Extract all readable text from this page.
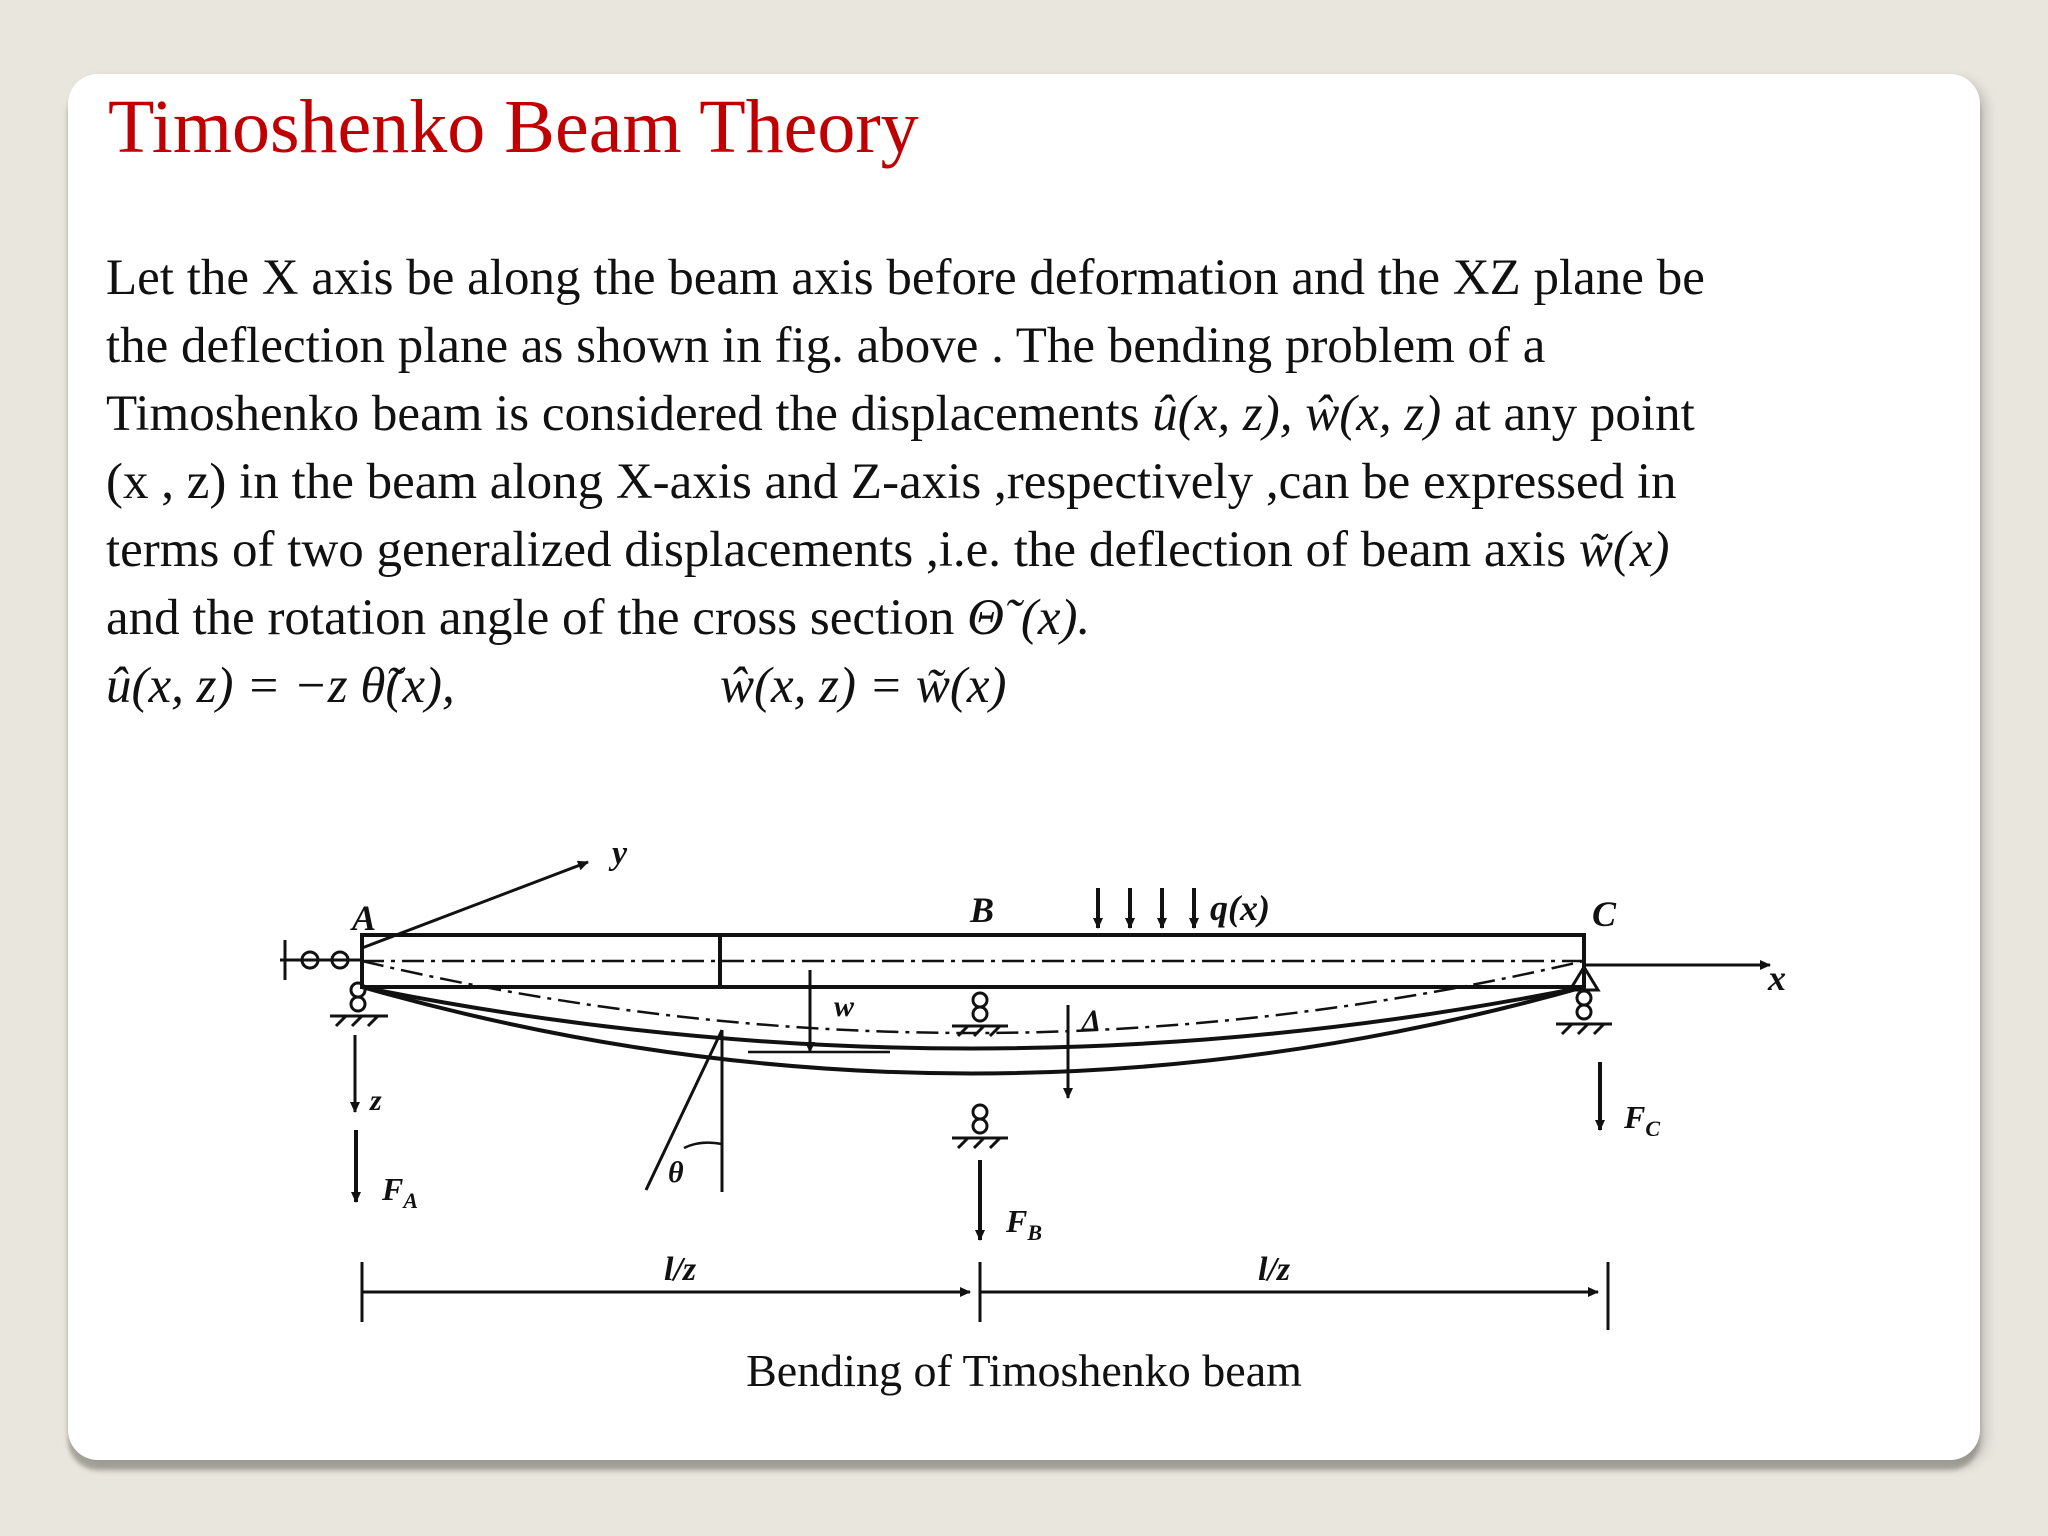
Timoshenko Beam Theory
Let the X axis be along the beam axis before deformation and the XZ plane be
the deflection plane as shown in fig. above . The bending problem of a
Timoshenko beam is considered the displacements û(x, z), ŵ(x, z) at any point
(x , z) in the beam along X-axis and Z-axis ,respectively ,can be expressed in
terms of two generalized displacements ,i.e. the deflection of beam axis w̃(x)
and the rotation angle of the cross section Θ˜(x).
û(x, z) = −z θ̃(x),	ŵ(x, z) = w̃(x)
A	B	C
y
x
z
w	Δ
θ
q(x)
$F_A$
$F_B$
$F_C$
l/z	l/z
Bending of Timoshenko beam
